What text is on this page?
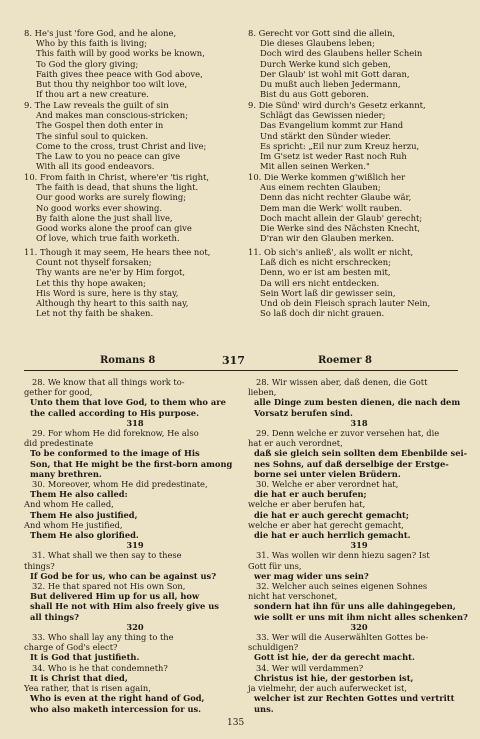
8. He's just 'fore God, and he alone,
Who by this faith is living;
This faith will by good works be known,
To God the glory giving;
Faith gives thee peace with God above,
But thou thy neighbor too wilt love,
If thou art a new creature.
9. The Law reveals the guilt of sin
And makes man conscious-stricken;
The Gospel then doth enter in
The sinful soul to quicken.
Come to the cross, trust Christ and live;
The Law to you no peace can give
With all its good endeavors.
10. From faith in Christ, where'er 'tis right,
The faith is dead, that shuns the light.
Our good works are surely flowing;
No good works ever showing.
By faith alone the just shall live,
Good works alone the proof can give
Of love, which true faith worketh.
11. Though it may seem, He hears thee not,
Count not thyself forsaken;
Thy wants are ne'er by Him forgot,
Let this thy hope awaken;
His Word is sure, here is thy stay,
Although thy heart to this saith nay,
Let not thy faith be shaken.
8. Gerecht vor Gott sind die allein,
Die dieses Glaubens leben;
Doch wird des Glaubens heller Schein
Durch Werke kund sich geben,
Der Glaub' ist wohl mit Gott daran,
Du mußt auch lieben Jedermann,
Bist du aus Gott geboren.
9. Die Sünd' wird durch's Gesetz erkannt,
Schlägt das Gewissen nieder;
Das Evangelium kommt zur Hand
Und stärkt den Sünder wieder.
Es spricht: „Eil nur zum Kreuz herzu,
Im G'setz ist weder Rast noch Ruh
Mit allen seinen Werken."
10. Die Werke kommen g'wißlich her
Aus einem rechten Glauben;
Denn das nicht rechter Glaube wär,
Dem man die Werk' wollt rauben.
Doch macht allein der Glaub' gerecht;
Die Werke sind des Nächsten Knecht,
D'ran wir den Glauben merken.
11. Ob sich's anließ', als wollt er nicht,
Laß dich es nicht erschrecken;
Denn, wo er ist am besten mit,
Da will ers nicht entdecken.
Sein Wort laß dir gewisser sein,
Und ob dein Fleisch sprach lauter Nein,
So laß doch dir nicht grauen.
Romans 8	317	Roemer 8
28. We know that all things work to-
gether for good,
Unto them that love God, to them who are
the called according to His purpose.
318
29. For whom He did foreknow, He also
did predestinate
To be conformed to the image of His
Son, that He might be the first-born among
many brethren.
30. Moreover, whom He did predestinate,
Them He also called:
And whom He called,
Them He also justified,
And whom He justified,
Them He also glorified.
319
31. What shall we then say to these
things?
If God be for us, who can be against us?
32. He that spared not His own Son,
But delivered Him up for us all, how
shall He not with Him also freely give us
all things?
320
33. Who shall lay any thing to the
charge of God's elect?
It is God that justifieth.
34. Who is he that condemneth?
It is Christ that died,
Yea rather, that is risen again,
Who is even at the right hand of God,
who also maketh intercession for us.
28. Wir wissen aber, daß denen, die Gott
lieben,
alle Dinge zum besten dienen, die nach dem
Vorsatz berufen sind.
318
29. Denn welche er zuvor versehen hat, die
hat er auch verordnet,
daß sie gleich sein sollten dem Ebenbilde sei-
nes Sohns, auf daß derselbige der Erstge-
borne sei unter vielen Brüdern.
30. Welche er aber verordnet hat,
die hat er auch berufen;
welche er aber berufen hat,
die hat er auch gerecht gemacht;
welche er aber hat gerecht gemacht,
die hat er auch herrlich gemacht.
319
31. Was wollen wir denn hiezu sagen? Ist
Gott für uns,
wer mag wider uns sein?
32. Welcher auch seines eigenen Sohnes
nicht hat verschonet,
sondern hat ihn für uns alle dahingegeben,
wie sollt er uns mit ihm nicht alles schenken?
320
33. Wer will die Auserwählten Gottes be-
schuldigen?
Gott ist hie, der da gerecht macht.
34. Wer will verdammen?
Christus ist hie, der gestorben ist,
ja vielmehr, der auch auferwecket ist,
welcher ist zur Rechten Gottes und vertritt
uns.
135
